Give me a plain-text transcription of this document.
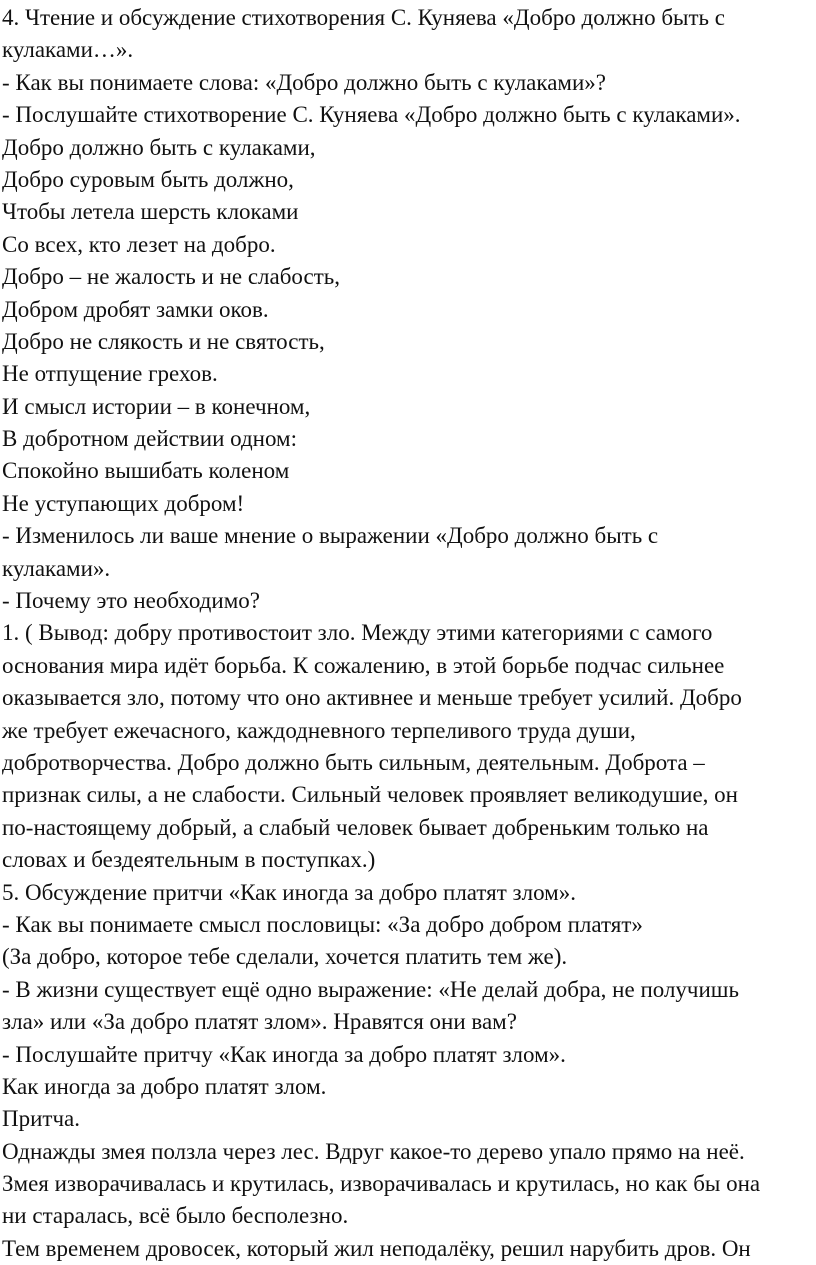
4. Чтение и обсуждение стихотворения С. Куняева «Добро должно быть с
кулаками…».
- Как вы понимаете слова: «Добро должно быть с кулаками»?
- Послушайте стихотворение С. Куняева «Добро должно быть с кулаками».
Добро должно быть с кулаками,
Добро суровым быть должно,
Чтобы летела шерсть клоками
Со всех, кто лезет на добро.
Добро – не жалость и не слабость,
Добром дробят замки оков.
Добро не слякость и не святость,
Не отпущение грехов.
И смысл истории – в конечном,
В добротном действии одном:
Спокойно вышибать коленом
Не уступающих добром!
- Изменилось ли ваше мнение о выражении «Добро должно быть с
кулаками».
- Почему это необходимо?
1. ( Вывод: добру противостоит зло. Между этими категориями с самого
основания мира идёт борьба. К сожалению, в этой борьбе подчас сильнее
оказывается зло, потому что оно активнее и меньше требует усилий. Добро
же требует ежечасного, каждодневного терпеливого труда души,
добротворчества. Добро должно быть сильным, деятельным. Доброта –
признак силы, а не слабости. Сильный человек проявляет великодушие, он
по-настоящему добрый, а слабый человек бывает добреньким только на
словах и бездеятельным в поступках.)
5. Обсуждение притчи «Как иногда за добро платят злом».
- Как вы понимаете смысл пословицы: «За добро добром платят»
(За добро, которое тебе сделали, хочется платить тем же).
- В жизни существует ещё одно выражение: «Не делай добра, не получишь
зла» или «За добро платят злом». Нравятся они вам?
- Послушайте притчу «Как иногда за добро платят злом».
Как иногда за добро платят злом.
Притча.
Однажды змея ползла через лес. Вдруг какое-то дерево упало прямо на неё.
Змея изворачивалась и крутилась, изворачивалась и крутилась, но как бы она
ни старалась, всё было бесполезно.
Тем временем дровосек, который жил неподалёку, решил нарубить дров. Он
